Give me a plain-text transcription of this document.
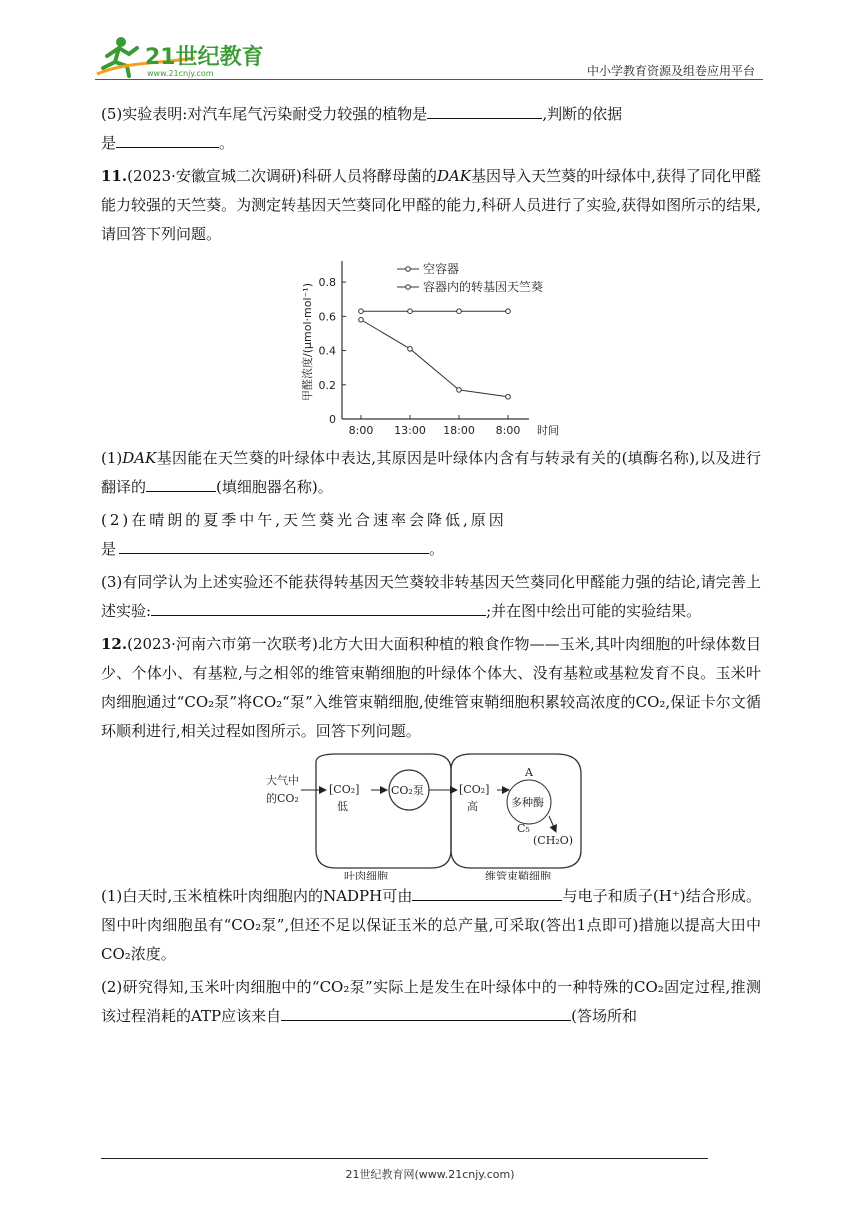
21世纪教育
www.21cnjy.com	中小学教育资源及组卷应用平台

(5)实验表明:对汽车尾气污染耐受力较强的植物是	,判断的依据
是	。

11.(2023·安徽宣城二次调研)科研人员将酵母菌的DAK基因导入天竺葵的叶绿体中,获得了同化甲醛能力较强的天竺葵。为测定转基因天竺葵同化甲醛的能力,科研人员进行了实验,获得如图所示的结果,请回答下列问题。

0
0.2
0.4
0.6
0.8
8:00 13:00 18:00 8:00 时间
甲醛浓度/(μmol·mol⁻¹)
空容器
容器内的转基因天竺葵

(1)DAK基因能在天竺葵的叶绿体中表达,其原因是叶绿体内含有与转录有关的(填酶名称),以及进行翻译的	(填细胞器名称)。

(2)在晴朗的夏季中午,天竺葵光合速率会降低,原因
是	。

(3)有同学认为上述实验还不能获得转基因天竺葵较非转基因天竺葵同化甲醛能力强的结论,请完善上述实验:	;并在图中绘出可能的实验结果。

12.(2023·河南六市第一次联考)北方大田大面积种植的粮食作物——玉米,其叶肉细胞的叶绿体数目少、个体小、有基粒,与之相邻的维管束鞘细胞的叶绿体个体大、没有基粒或基粒发育不良。玉米叶肉细胞通过“CO₂泵”将CO₂“泵”入维管束鞘细胞,使维管束鞘细胞积累较高浓度的CO₂,保证卡尔文循环顺利进行,相关过程如图所示。回答下列问题。

大气中
的CO₂
[CO₂]
低
CO₂泵	[CO₂]
高	多种酶
A
C₅
(CH₂O)
叶肉细胞	维管束鞘细胞

(1)白天时,玉米植株叶肉细胞内的NADPH可由	与电子和质子(H⁺)结合形成。图中叶肉细胞虽有“CO₂泵”,但还不足以保证玉米的总产量,可采取(答出1点即可)措施以提高大田中CO₂浓度。

(2)研究得知,玉米叶肉细胞中的“CO₂泵”实际上是发生在叶绿体中的一种特殊的CO₂固定过程,推测该过程消耗的ATP应该来自	(答场所和

21世纪教育网(www.21cnjy.com)
